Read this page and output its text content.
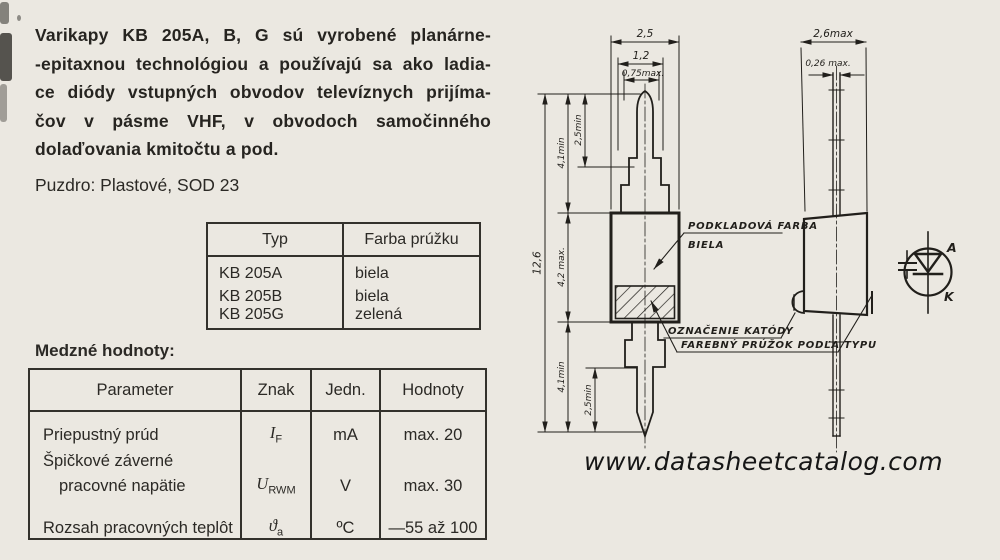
Varikapy KB 205A, B, G sú vyrobené planárne-
-epitaxnou technológiou a používajú sa ako ladia-
ce diódy vstupných obvodov televíznych prijíma-
čov v pásme VHF, v obvodoch samočinného
dolaďovania kmitočtu a pod.
Puzdro: Plastové, SOD 23
Typ	Farba prúžku
KB 205A	biela
KB 205B	biela
KB 205G	zelená
Medzné hodnoty:
Parameter	Znak	Jedn.	Hodnoty
Priepustný prúd	$I_F$	mA	max. 20
Špičkové záverné
pracovné napätie	$U_{RWM}$	V	max. 30
Rozsah pracovných teplôt	$ϑ_a$	ºC	—55 až 100
www.datasheetcatalog.com
2,5
1,2
0,75max.
12,6
4,1min
2,5min
4,2 max.
4,1min
2,5min
PODKLADOVÁ FARBA
BIELA
OZNAČENIE KATÓDY
FAREBNÝ PRÚŽOK PODĽA TYPU
2,6max
0,26 max.
A
K
